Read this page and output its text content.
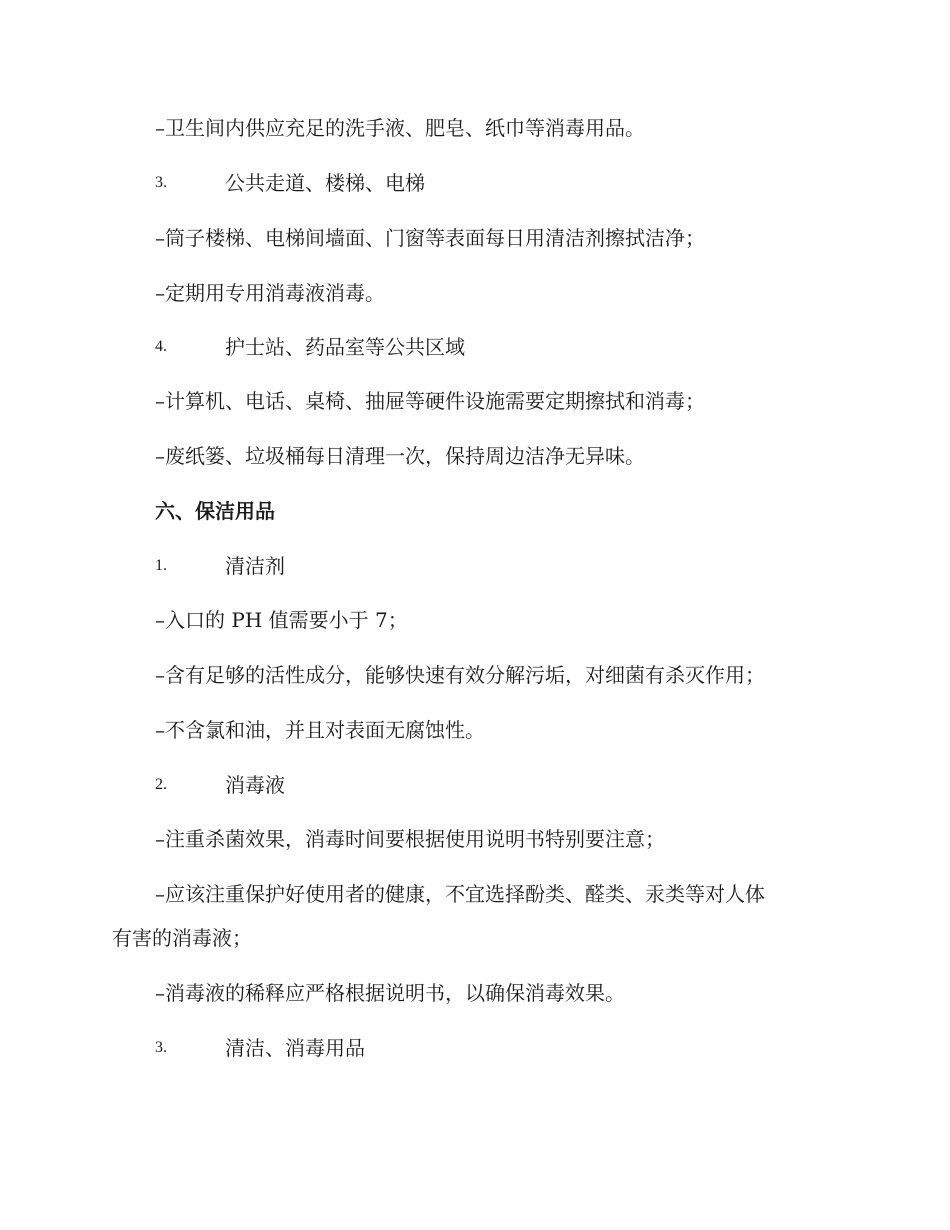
–卫生间内供应充足的洗手液、肥皂、纸巾等消毒用品。
3.	公共走道、楼梯、电梯
–筒子楼梯、电梯间墙面、门窗等表面每日用清洁剂擦拭洁净；
–定期用专用消毒液消毒。
4.	护士站、药品室等公共区域
–计算机、电话、桌椅、抽屉等硬件设施需要定期擦拭和消毒；
–废纸篓、垃圾桶每日清理一次，保持周边洁净无异味。
六、保洁用品
1.	清洁剂
–入口的 PH 值需要小于 7；
–含有足够的活性成分，能够快速有效分解污垢，对细菌有杀灭作用；
–不含氯和油，并且对表面无腐蚀性。
2.	消毒液
–注重杀菌效果，消毒时间要根据使用说明书特别要注意；
–应该注重保护好使用者的健康，不宜选择酚类、醛类、汞类等对人体
有害的消毒液；
–消毒液的稀释应严格根据说明书，以确保消毒效果。
3.	清洁、消毒用品
